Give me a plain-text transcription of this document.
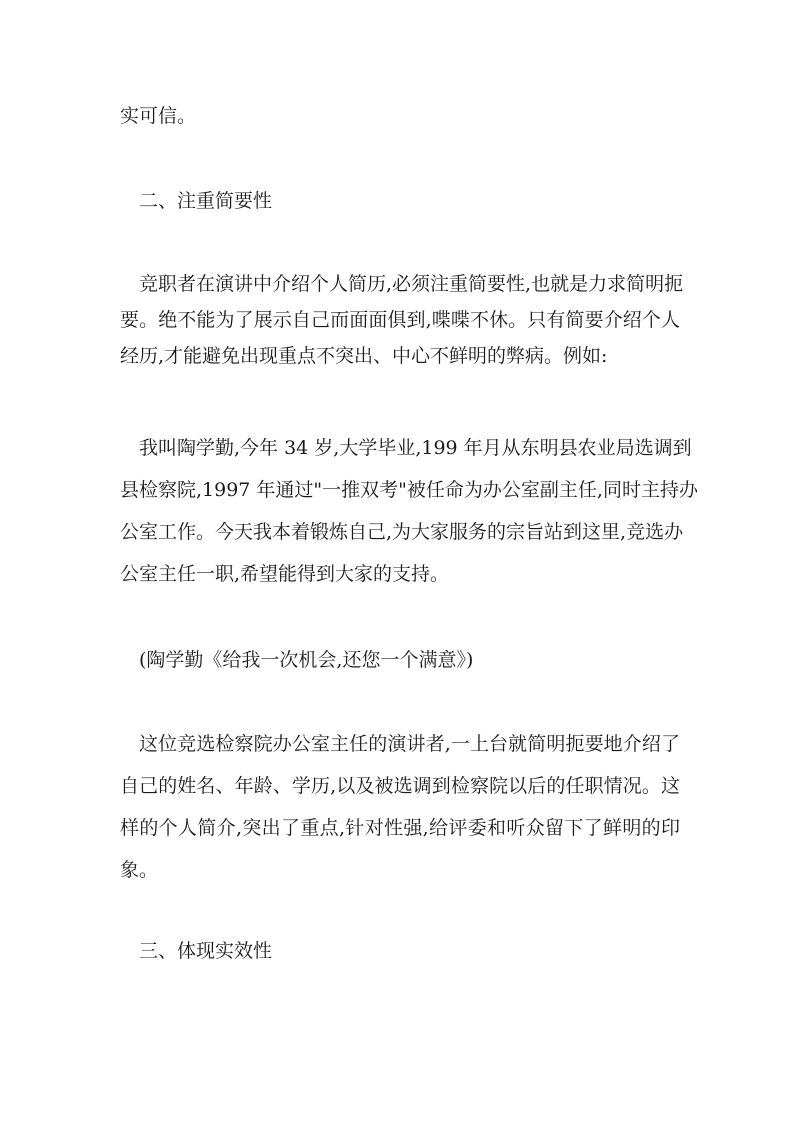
实可信。
二、注重简要性
竞职者在演讲中介绍个人简历,必须注重简要性,也就是力求简明扼
要。绝不能为了展示自己而面面俱到,喋喋不休。只有简要介绍个人
经历,才能避免出现重点不突出、中心不鲜明的弊病。例如:
我叫陶学勤,今年 34 岁,大学毕业,199 年月从东明县农业局选调到
县检察院,1997 年通过"一推双考"被任命为办公室副主任,同时主持办
公室工作。今天我本着锻炼自己,为大家服务的宗旨站到这里,竞选办
公室主任一职,希望能得到大家的支持。
(陶学勤《给我一次机会,还您一个满意》)
这位竞选检察院办公室主任的演讲者,一上台就简明扼要地介绍了
自己的姓名、年龄、学历,以及被选调到检察院以后的任职情况。这
样的个人简介,突出了重点,针对性强,给评委和听众留下了鲜明的印
象。
三、体现实效性
